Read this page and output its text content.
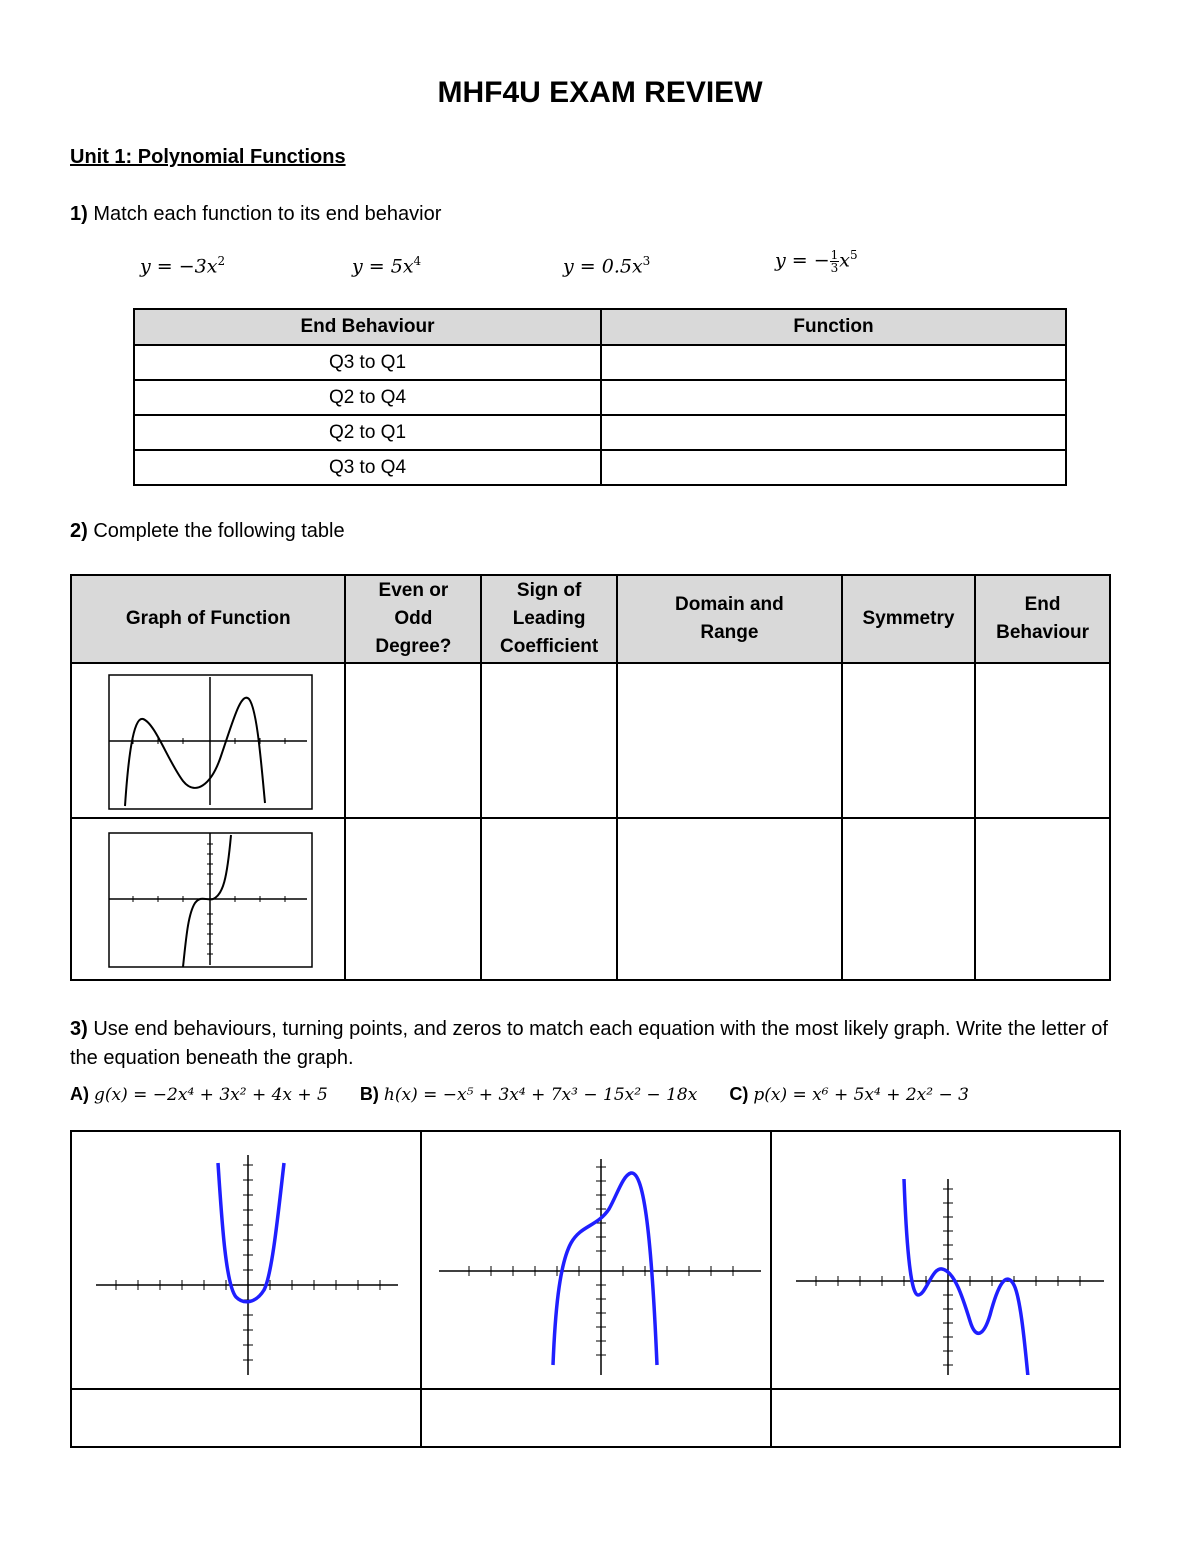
MHF4U EXAM REVIEW
Unit 1: Polynomial Functions
1) Match each function to its end behavior
$y = -3x^2$	$y = 5x^4$	$y = 0.5x^3$	y = − $\frac{1}{3} x^5$
End Behaviour	Function
Q3 to Q1	
Q2 to Q4	
Q2 to Q1	
Q3 to Q4	
2) Complete the following table
Graph of Function	Even or Odd Degree?	Sign of Leading Coefficient	Domain and Range	Symmetry	End Behaviour

3) Use end behaviours, turning points, and zeros to match each equation with the most likely graph. Write the letter of the equation beneath the graph.
A) g(x) = −2x⁴ + 3x² + 4x + 5 B) h(x) = −x⁵ + 3x⁴ + 7x³ − 15x² − 18x C) p(x) = x⁶ + 5x⁴ + 2x² − 3
